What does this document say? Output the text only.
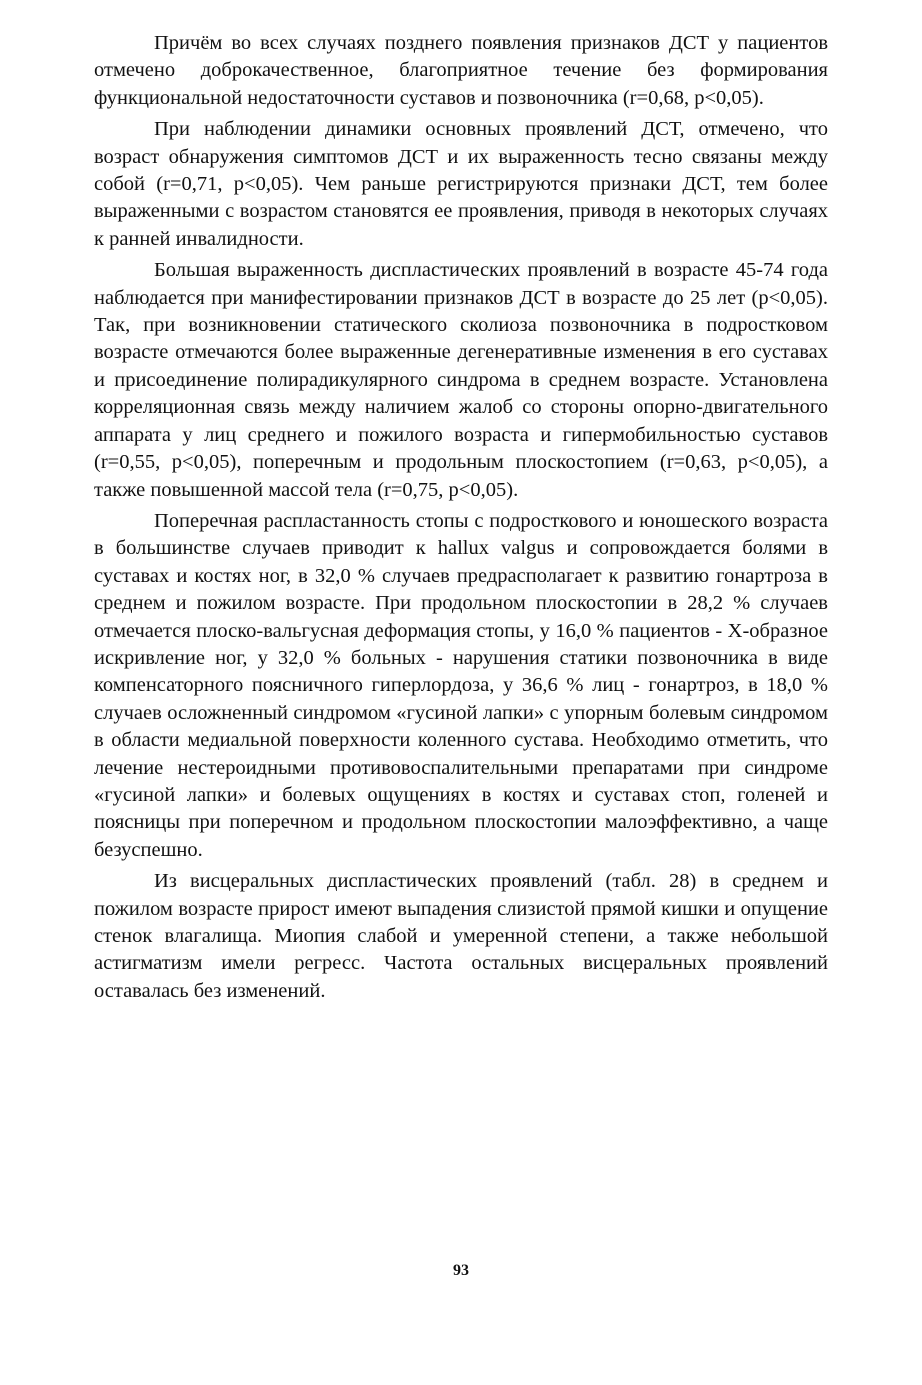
Причём во всех случаях позднего появления признаков ДСТ у пациентов отмечено доброкачественное, благоприятное течение без формирования функциональной недостаточности суставов и позвоночника (r=0,68, p<0,05).

При наблюдении динамики основных проявлений ДСТ, отмечено, что возраст обнаружения симптомов ДСТ и их выраженность тесно связаны между собой (r=0,71, p<0,05). Чем раньше регистрируются признаки ДСТ, тем более выраженными с возрастом становятся ее проявления, приводя в некоторых случаях к ранней инвалидности.

Большая выраженность диспластических проявлений в возрасте 45-74 года наблюдается при манифестировании признаков ДСТ в возрасте до 25 лет (p<0,05). Так, при возникновении статического сколиоза позвоночника в подростковом возрасте отмечаются более выраженные дегенеративные изменения в его суставах и присоединение полирадикулярного синдрома в среднем возрасте. Установлена корреляционная связь между наличием жалоб со стороны опорно-двигательного аппарата у лиц среднего и пожилого возраста и гипермобильностью суставов (r=0,55, p<0,05), поперечным и продольным плоскостопием (r=0,63, p<0,05), а также повышенной массой тела (r=0,75, p<0,05).

Поперечная распластанность стопы с подросткового и юношеского возраста в большинстве случаев приводит к hallux valgus и сопровождается болями в суставах и костях ног, в 32,0 % случаев предрасполагает к развитию гонартроза в среднем и пожилом возрасте. При продольном плоскостопии в 28,2 % случаев отмечается плоско-вальгусная деформация стопы, у 16,0 % пациентов - Х-образное искривление ног, у 32,0 % больных - нарушения статики позвоночника в виде компенсаторного поясничного гиперлордоза, у 36,6 % лиц - гонартроз, в 18,0 % случаев осложненный синдромом «гусиной лапки» с упорным болевым синдромом в области медиальной поверхности коленного сустава. Необходимо отметить, что лечение нестероидными противовоспалительными препаратами при синдроме «гусиной лапки» и болевых ощущениях в костях и суставах стоп, голеней и поясницы при поперечном и продольном плоскостопии малоэффективно, а чаще безуспешно.

Из висцеральных диспластических проявлений (табл. 28) в среднем и пожилом возрасте прирост имеют выпадения слизистой прямой кишки и опущение стенок влагалища. Миопия слабой и умеренной степени, а также небольшой астигматизм имели регресс. Частота остальных висцеральных проявлений оставалась без изменений.

93
